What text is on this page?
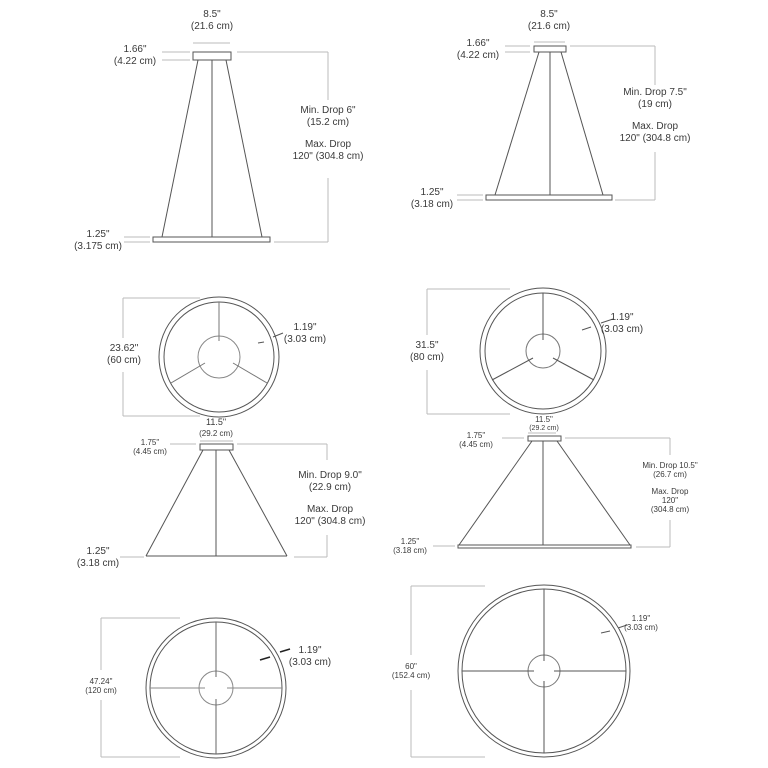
8.5"
(21.6 cm)
1.66"
(4.22 cm)
Min. Drop 6"
(15.2 cm)
Max. Drop
120" (304.8 cm)
1.25"
(3.175 cm)
8.5"
(21.6 cm)
1.66"
(4.22 cm)
Min. Drop 7.5"
(19 cm)
Max. Drop
120" (304.8 cm)
1.25"
(3.18 cm)
23.62"
(60 cm)
1.19"
(3.03 cm)
31.5"
(80 cm)
1.19"
(3.03 cm)
11.5"
(29.2 cm)
1.75"
(4.45 cm)
Min. Drop 9.0"
(22.9 cm)
Max. Drop
120" (304.8 cm)
1.25"
(3.18 cm)
11.5"
(29.2 cm)
1.75"
(4.45 cm)
Min. Drop 10.5"
(26.7 cm)
Max. Drop
120"
(304.8 cm)
1.25"
(3.18 cm)
47.24"
(120 cm)
1.19"
(3.03 cm)	60"
(152.4 cm)
1.19"
(3.03 cm)
